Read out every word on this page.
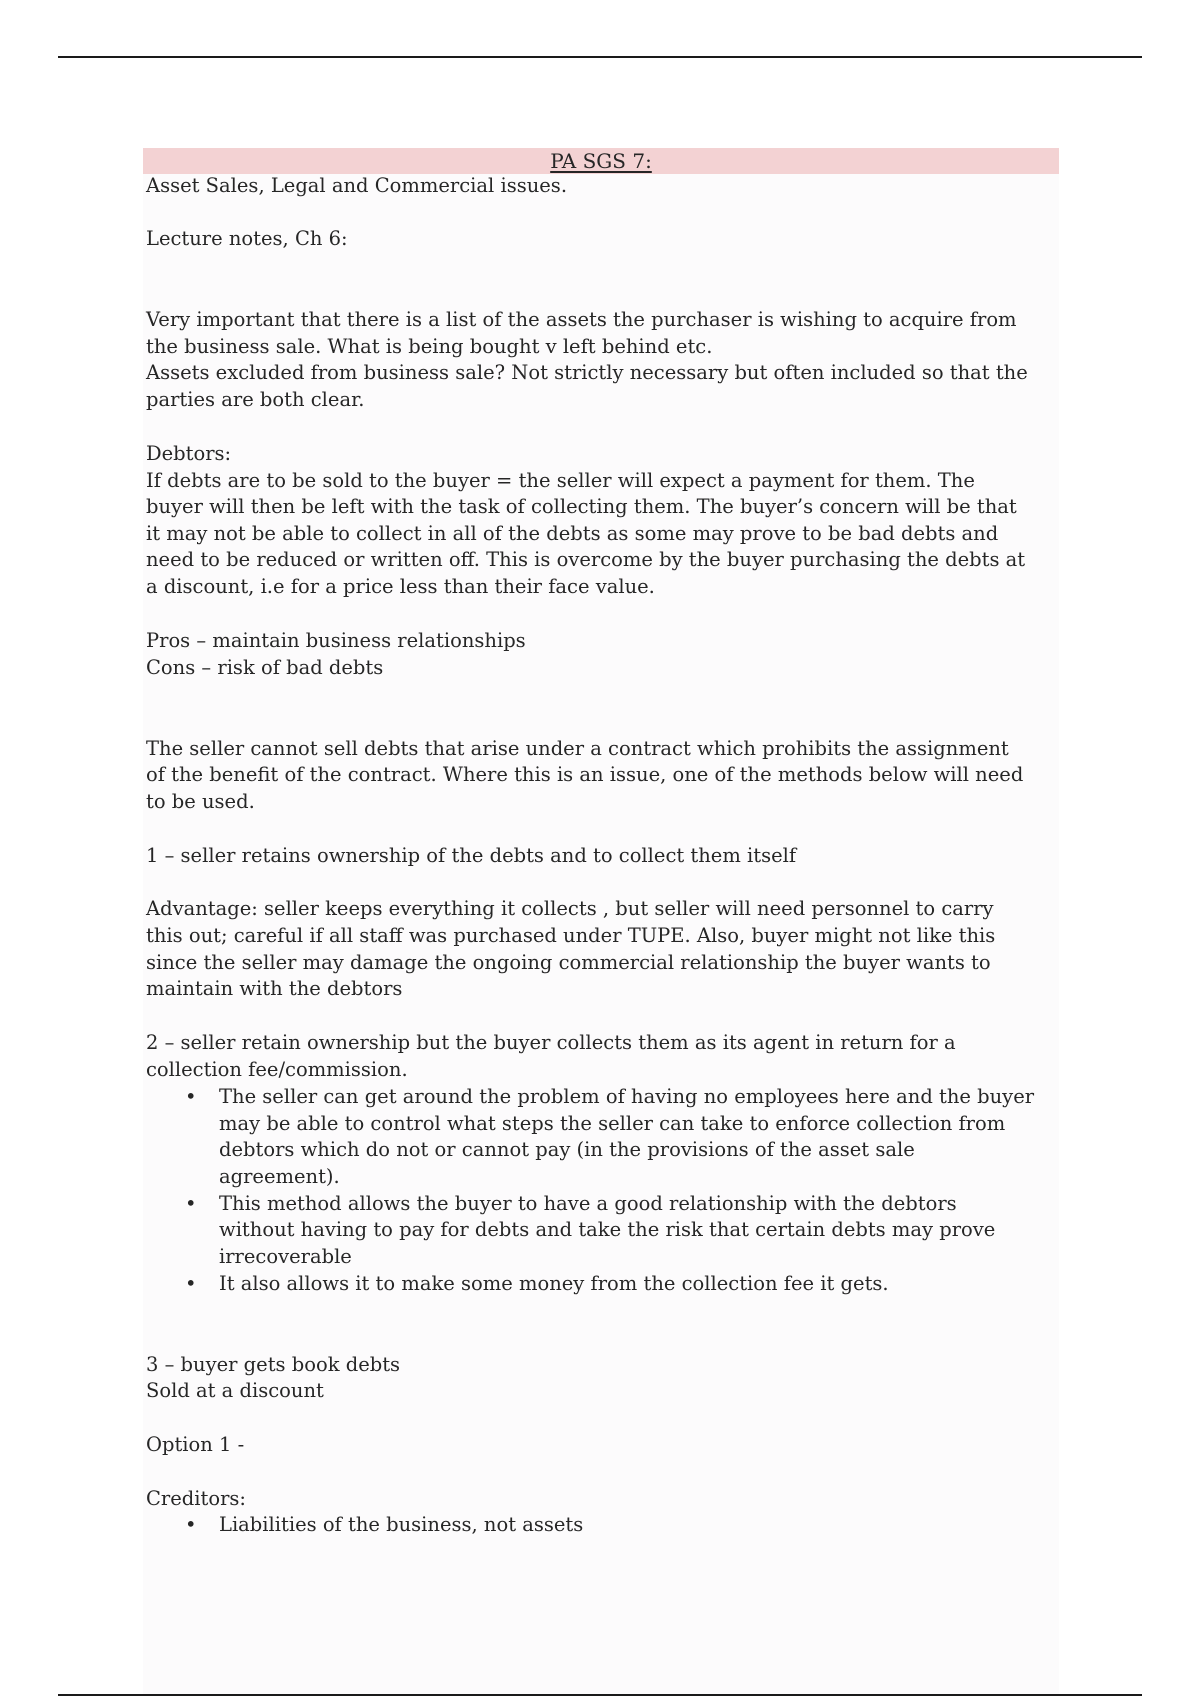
PA SGS 7:
Asset Sales, Legal and Commercial issues.
Lecture notes, Ch 6:
Very important that there is a list of the assets the purchaser is wishing to acquire from
the business sale. What is being bought v left behind etc.
Assets excluded from business sale? Not strictly necessary but often included so that the
parties are both clear.
Debtors:
If debts are to be sold to the buyer = the seller will expect a payment for them. The
buyer will then be left with the task of collecting them. The buyer’s concern will be that
it may not be able to collect in all of the debts as some may prove to be bad debts and
need to be reduced or written off. This is overcome by the buyer purchasing the debts at
a discount, i.e for a price less than their face value.
Pros – maintain business relationships
Cons – risk of bad debts
The seller cannot sell debts that arise under a contract which prohibits the assignment
of the benefit of the contract. Where this is an issue, one of the methods below will need
to be used.
1 – seller retains ownership of the debts and to collect them itself
Advantage: seller keeps everything it collects , but seller will need personnel to carry
this out; careful if all staff was purchased under TUPE. Also, buyer might not like this
since the seller may damage the ongoing commercial relationship the buyer wants to
maintain with the debtors
2 – seller retain ownership but the buyer collects them as its agent in return for a
collection fee/commission.
• The seller can get around the problem of having no employees here and the buyer
may be able to control what steps the seller can take to enforce collection from
debtors which do not or cannot pay (in the provisions of the asset sale
agreement).
• This method allows the buyer to have a good relationship with the debtors
without having to pay for debts and take the risk that certain debts may prove
irrecoverable
• It also allows it to make some money from the collection fee it gets.
3 – buyer gets book debts
Sold at a discount
Option 1 -
Creditors:
• Liabilities of the business, not assets
